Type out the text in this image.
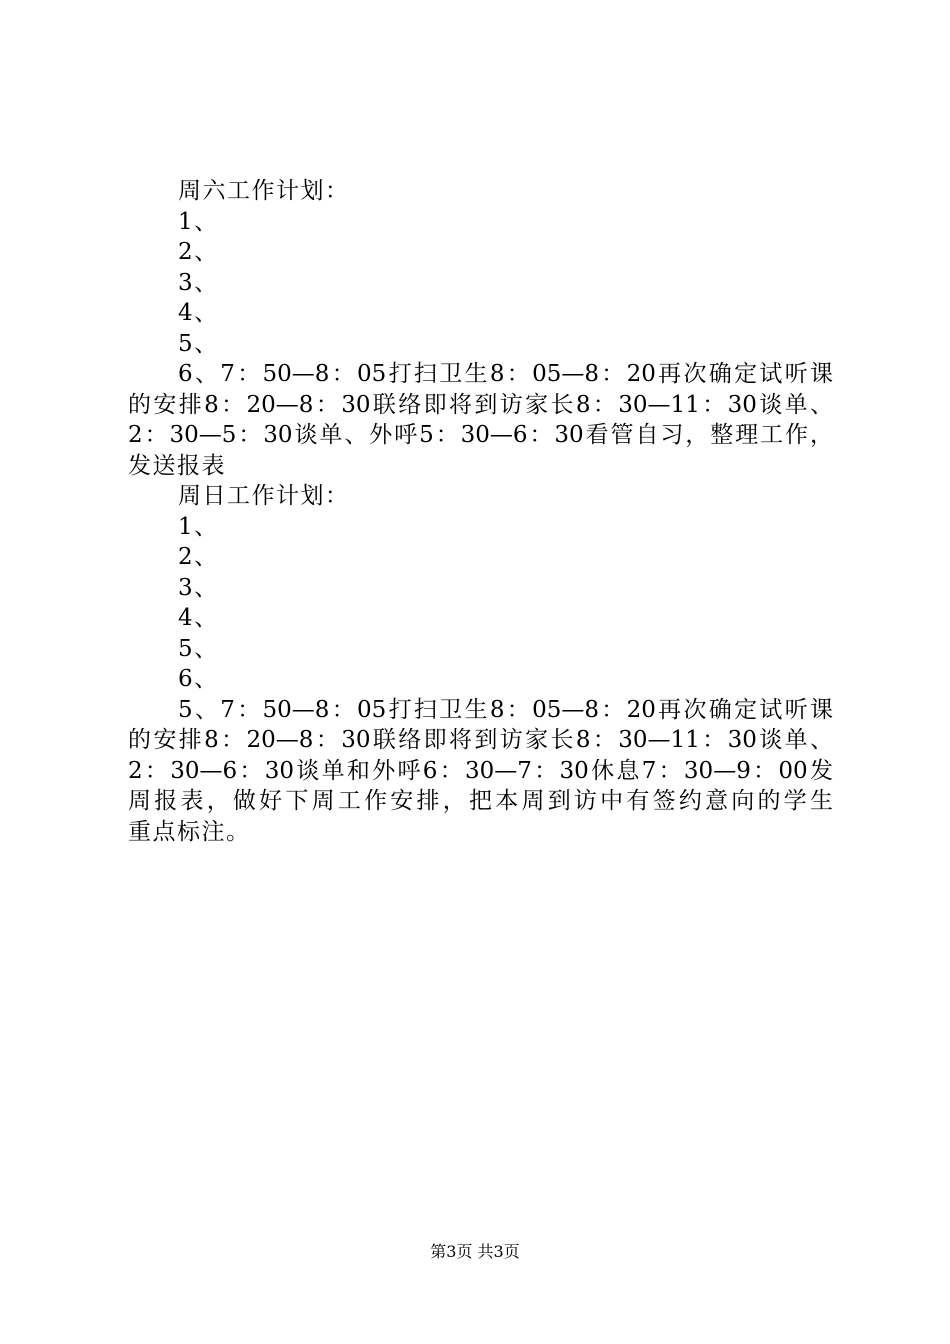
周六工作计划：
1、
2、
3、
4、
5、
6、7：50—8：05打扫卫生8：05—8：20再次确定试听课
的安排8：20—8：30联络即将到访家长8：30—11：30谈单、
2：30—5：30谈单、外呼5：30—6：30看管自习，整理工作，
发送报表
周日工作计划：
1、
2、
3、
4、
5、
6、
5、7：50—8：05打扫卫生8：05—8：20再次确定试听课
的安排8：20—8：30联络即将到访家长8：30—11：30谈单、
2：30—6：30谈单和外呼6：30—7：30休息7：30—9：00发
周报表，做好下周工作安排，把本周到访中有签约意向的学生
重点标注。
第3页 共3页
